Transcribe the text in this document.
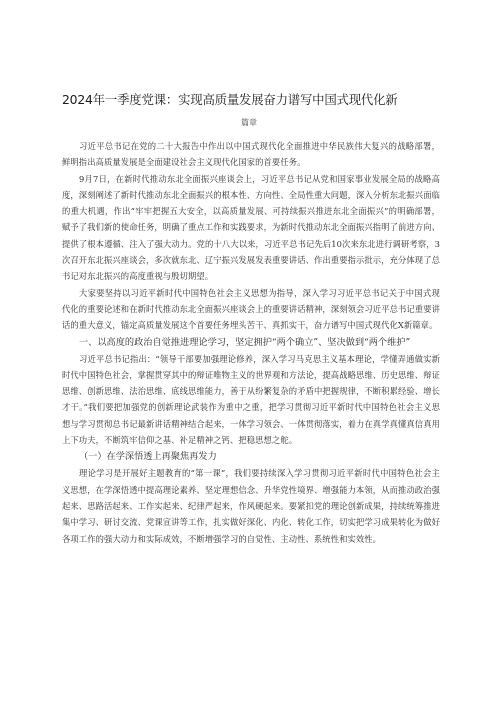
2024年一季度党课：实现高质量发展奋力谱写中国式现代化新
篇章

习近平总书记在党的二十大报告中作出以中国式现代化全面推进中华民族伟大复兴的战略部署，鲜明指出高质量发展是全面建设社会主义现代化国家的首要任务。

9月7日，在新时代推动东北全面振兴座谈会上，习近平总书记从党和国家事业发展全局的战略高度，深刻阐述了新时代推动东北全面振兴的根本性、方向性、全局性重大问题，深入分析东北振兴面临的重大机遇，作出“牢牢把握五大安全，以高质量发展、可持续振兴推进东北全面振兴”的明确部署，赋予了我们新的使命任务，明确了重点工作和实践要求，为新时代推动东北全面振兴指明了前进方向、提供了根本遵循、注入了强大动力。党的十八大以来，习近平总书记先后10次来东北进行调研考察，3次召开东北振兴座谈会，多次就东北、辽宁振兴发展发表重要讲话、作出重要指示批示，充分体现了总书记对东北振兴的高度重视与殷切期望。

大家要坚持以习近平新时代中国特色社会主义思想为指导，深入学习习近平总书记关于中国式现代化的重要论述和在新时代推动东北全面振兴座谈会上的重要讲话精神，深刻领会习近平总书记重要讲话的重大意义，锚定高质量发展这个首要任务埋头苦干、真抓实干，奋力谱写中国式现代化X新篇章。

一、以高度的政治自觉推进理论学习，坚定拥护“两个确立”、坚决做到“两个维护”

习近平总书记指出：“领导干部要加强理论修养，深入学习马克思主义基本理论，学懂弄通做实新时代中国特色社会，掌握贯穿其中的辩证唯物主义的世界观和方法论，提高战略思维、历史思维、辩证思维、创新思维、法治思维、底线思维能力，善于从纷繁复杂的矛盾中把握规律，不断积累经验、增长才干。”我们要把加强党的创新理论武装作为重中之重，把学习贯彻习近平新时代中国特色社会主义思想与学习贯彻总书记最新讲话精神结合起来，一体学习领会、一体贯彻落实，着力在真学真懂真信真用上下功夫，不断筑牢信仰之基、补足精神之钙、把稳思想之舵。

（一）在学深悟透上再聚焦再发力

理论学习是开展好主题教育的“第一课”，我们要持续深入学习贯彻习近平新时代中国特色社会主义思想，在学深悟透中提高理论素养、坚定理想信念、升华党性境界、增强能力本领，从而推动政治强起来、思路活起来、工作实起来、纪律严起来，作风硬起来。要紧扣党的理论创新成果，持续统筹推进集中学习、研讨交流、党课宣讲等工作，扎实做好深化、内化、转化工作，切实把学习成果转化为做好各项工作的强大动力和实际成效，不断增强学习的自觉性、主动性、系统性和实效性。
